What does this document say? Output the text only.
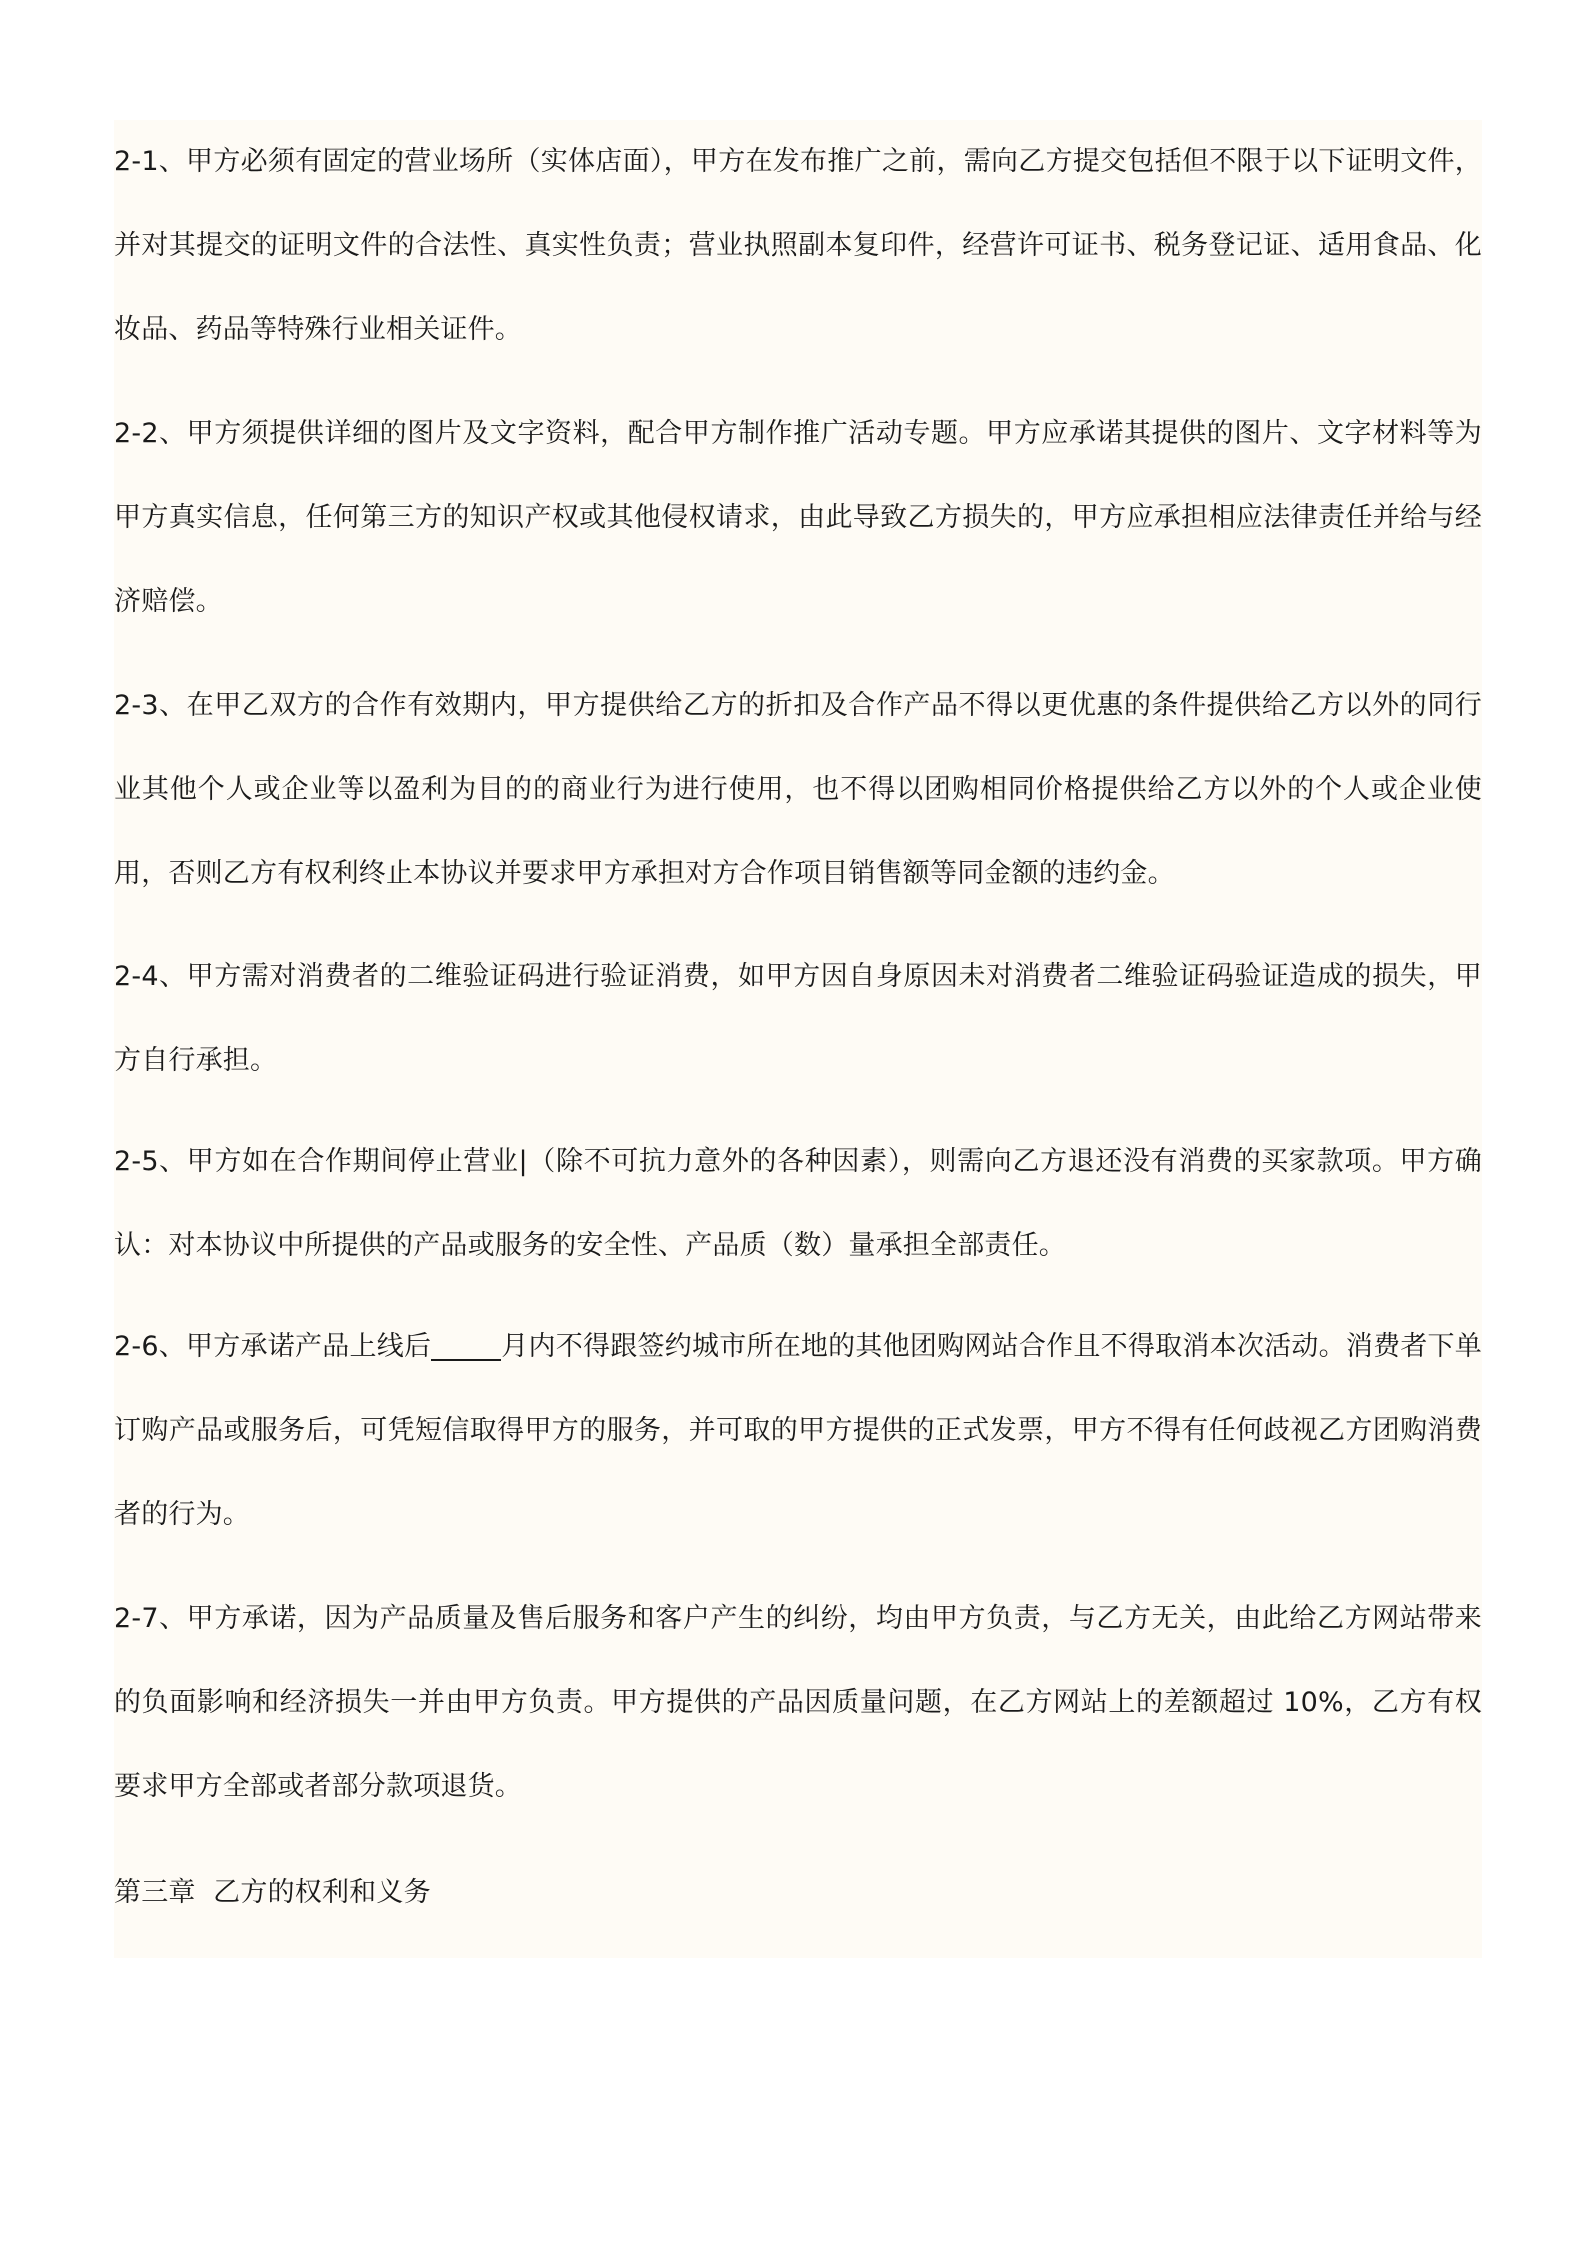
2-1、甲方必须有固定的营业场所（实体店面），甲方在发布推广之前，需向乙方提交包括但不限于以下证明文件，并对其提交的证明文件的合法性、真实性负责；营业执照副本复印件，经营许可证书、税务登记证、适用食品、化妆品、药品等特殊行业相关证件。

2-2、甲方须提供详细的图片及文字资料，配合甲方制作推广活动专题。甲方应承诺其提供的图片、文字材料等为甲方真实信息，任何第三方的知识产权或其他侵权请求，由此导致乙方损失的，甲方应承担相应法律责任并给与经济赔偿。

2-3、在甲乙双方的合作有效期内，甲方提供给乙方的折扣及合作产品不得以更优惠的条件提供给乙方以外的同行业其他个人或企业等以盈利为目的的商业行为进行使用，也不得以团购相同价格提供给乙方以外的个人或企业使用，否则乙方有权利终止本协议并要求甲方承担对方合作项目销售额等同金额的违约金。

2-4、甲方需对消费者的二维验证码进行验证消费，如甲方因自身原因未对消费者二维验证码验证造成的损失，甲方自行承担。

2-5、甲方如在合作期间停止营业|（除不可抗力意外的各种因素），则需向乙方退还没有消费的买家款项。甲方确认：对本协议中所提供的产品或服务的安全性、产品质（数）量承担全部责任。

2-6、甲方承诺产品上线后	月内不得跟签约城市所在地的其他团购网站合作且不得取消本次活动。消费者下单订购产品或服务后，可凭短信取得甲方的服务，并可取的甲方提供的正式发票，甲方不得有任何歧视乙方团购消费者的行为。

2-7、甲方承诺，因为产品质量及售后服务和客户产生的纠纷，均由甲方负责，与乙方无关，由此给乙方网站带来的负面影响和经济损失一并由甲方负责。甲方提供的产品因质量问题，在乙方网站上的差额超过 10%，乙方有权要求甲方全部或者部分款项退货。

第三章  乙方的权利和义务
